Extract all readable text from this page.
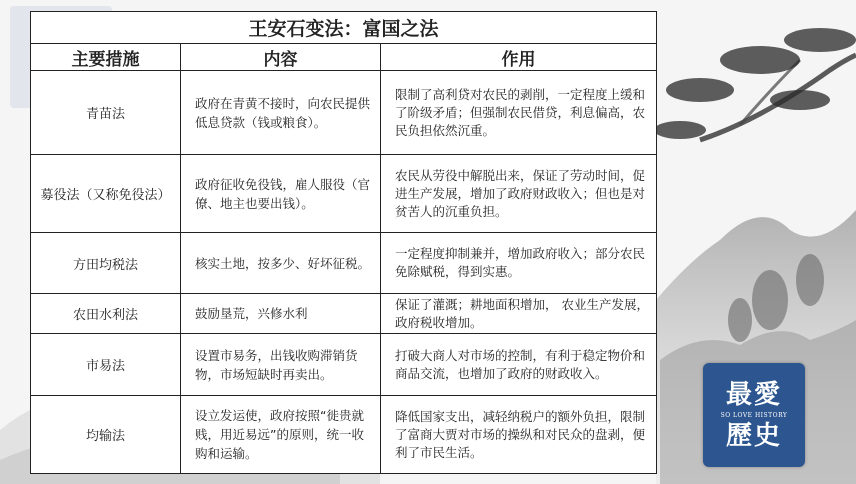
王安石变法：富国之法		
主要措施	内容	作用
青苗法	政府在青黄不接时，向农民提供低息贷款（钱或粮食）。	限制了高利贷对农民的剥削，一定程度上缓和了阶级矛盾；但强制农民借贷，利息偏高，农民负担依然沉重。
募役法（又称免役法）	政府征收免役钱，雇人服役（官僚、地主也要出钱）。	农民从劳役中解脱出来，保证了劳动时间，促进生产发展，增加了政府财政收入；但也是对贫苦人的沉重负担。
方田均税法	核实土地，按多少、好坏征税。	一定程度抑制兼并，增加政府收入；部分农民免除赋税，得到实惠。
农田水利法	鼓励垦荒，兴修水利	保证了灌溉；耕地面积增加， 农业生产发展，政府税收增加。
市易法	设置市易务，出钱收购滞销货物，市场短缺时再卖出。	打破大商人对市场的控制，有利于稳定物价和商品交流，也增加了政府的财政收入。
均输法	设立发运使，政府按照“徙贵就贱，用近易远”的原则，统一收购和运输。	降低国家支出，减轻纳税户的额外负担，限制了富商大贾对市场的操纵和对民众的盘剥，便利了市民生活。
最愛
SO LOVE HISTORY
歷史
